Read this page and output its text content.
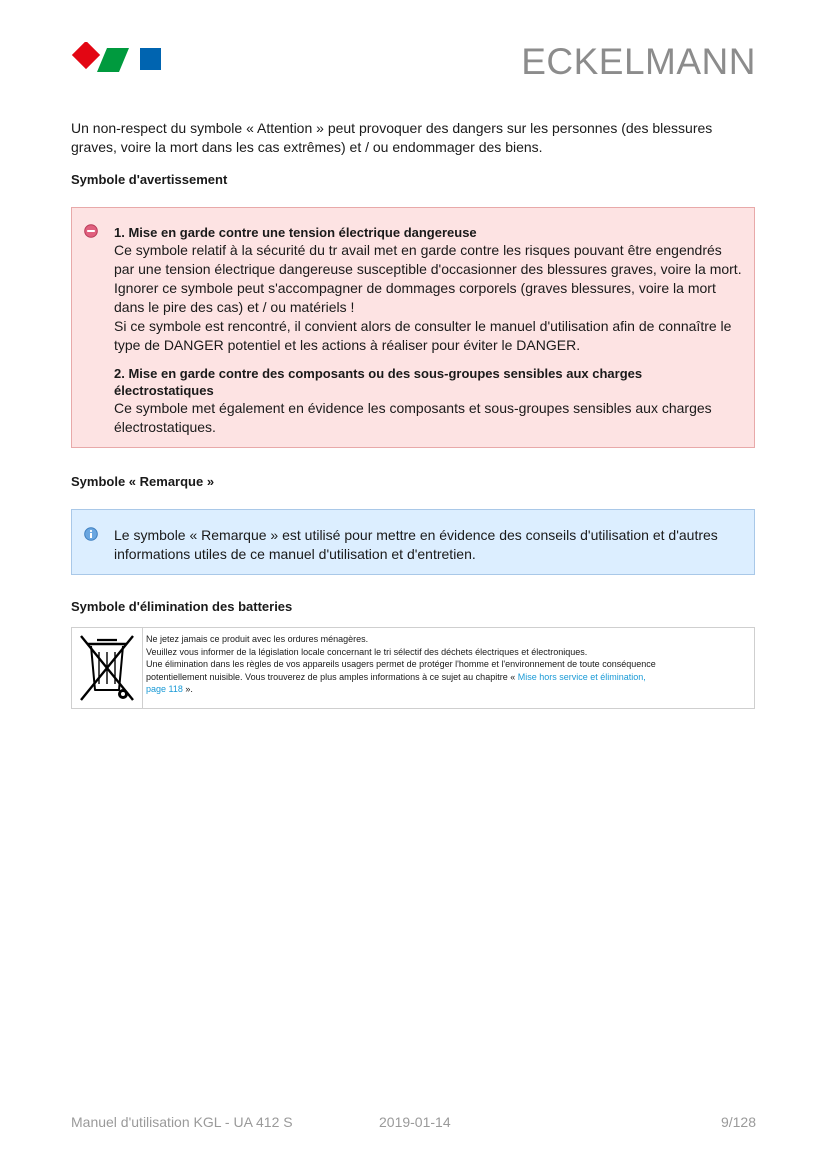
ECKELMANN
Un non-respect du symbole « Attention » peut provoquer des dangers sur les personnes (des blessures graves, voire la mort dans les cas extrêmes) et / ou endommager des biens.
Symbole d'avertissement

1. Mise en garde contre une tension électrique dangereuse

Ce symbole relatif à la sécurité du tr avail met en garde contre les risques pouvant être engendrés

par une tension électrique dangereuse susceptible d'occasionner des blessures graves, voire la mort.

Ignorer ce symbole peut s'accompagner de dommages corporels (graves blessures, voire la mort

dans le pire des cas) et / ou matériels !

Si ce symbole est rencontré, il convient alors de consulter le manuel d'utilisation afin de connaître le

type de DANGER potentiel et les actions à réaliser pour éviter le DANGER.

2. Mise en garde contre des composants ou des sous-groupes sensibles aux charges

électrostatiques

Ce symbole met également en évidence les composants et sous-groupes sensibles aux charges

électrostatiques.

Symbole « Remarque »
Le symbole « Remarque » est utilisé pour mettre en évidence des conseils d'utilisation et d'autres
informations utiles de ce manuel d'utilisation et d'entretien.
Symbole d'élimination des batteries

Ne jetez jamais ce produit avec les ordures ménagères.

Veuillez vous informer de la législation locale concernant le tri sélectif des déchets électriques et électroniques.

Une élimination dans les règles de vos appareils usagers permet de protéger l'homme et l'environnement de toute conséquence

potentiellement nuisible. Vous trouverez de plus amples informations à ce sujet au chapitre « Mise hors service et élimination,

page 118 ».

Manuel d'utilisation KGL - UA 412 S	2019-01-14	9/128
